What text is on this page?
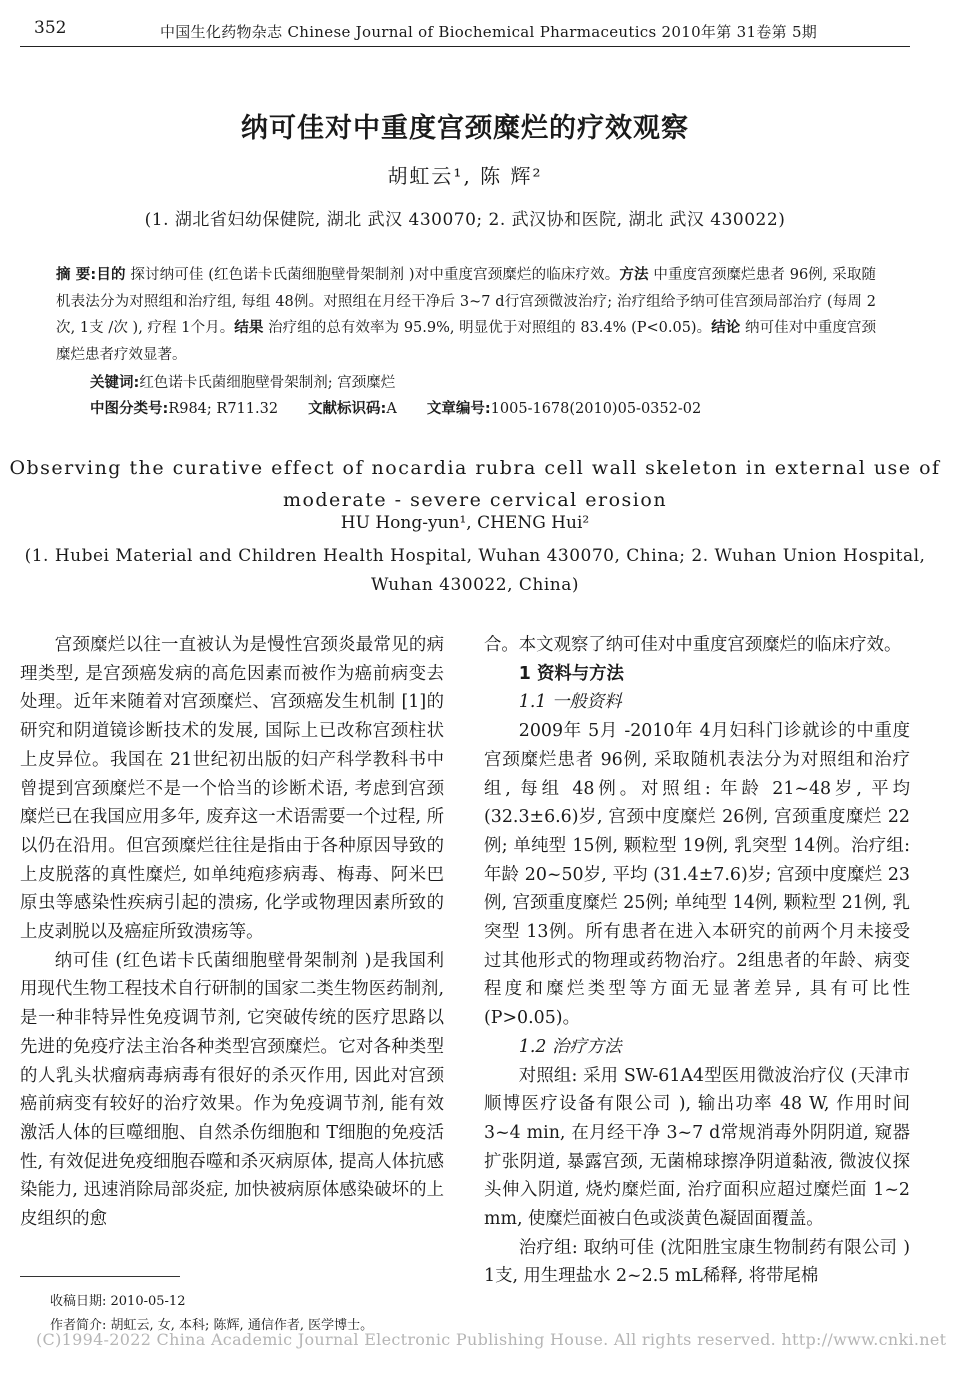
352	中国生化药物杂志 Chinese Journal of Biochemical Pharmaceutics 2010年第 31卷第 5期
纳可佳对中重度宫颈糜烂的疗效观察
胡虹云¹, 陈 辉²
(1. 湖北省妇幼保健院, 湖北 武汉 430070; 2. 武汉协和医院, 湖北 武汉 430022)
摘 要:目的 探讨纳可佳 (红色诺卡氏菌细胞壁骨架制剂 )对中重度宫颈糜烂的临床疗效。方法 中重度宫颈糜烂患者 96例, 采取随机表法分为对照组和治疗组, 每组 48例。对照组在月经干净后 3~7 d行宫颈微波治疗; 治疗组给予纳可佳宫颈局部治疗 (每周 2次, 1支 /次 ), 疗程 1个月。结果 治疗组的总有效率为 95.9%, 明显优于对照组的 83.4% (P<0.05)。结论 纳可佳对中重度宫颈糜烂患者疗效显著。
关键词:红色诺卡氏菌细胞壁骨架制剂; 宫颈糜烂
中图分类号:R984; R711.32 文献标识码:A 文章编号:1005-1678(2010)05-0352-02
Observing the curative effect of nocardia rubra cell wall skeleton in external use of moderate - severe cervical erosion
HU Hong-yun¹, CHENG Hui²
(1. Hubei Material and Children Health Hospital, Wuhan 430070, China; 2. Wuhan Union Hospital, Wuhan 430022, China)

宫颈糜烂以往一直被认为是慢性宫颈炎最常见的病理类型, 是宫颈癌发病的高危因素而被作为癌前病变去处理。近年来随着对宫颈糜烂、宫颈癌发生机制 [1]的研究和阴道镜诊断技术的发展, 国际上已改称宫颈柱状上皮异位。我国在 21世纪初出版的妇产科学教科书中曾提到宫颈糜烂不是一个恰当的诊断术语, 考虑到宫颈糜烂已在我国应用多年, 废弃这一术语需要一个过程, 所以仍在沿用。但宫颈糜烂往往是指由于各种原因导致的上皮脱落的真性糜烂, 如单纯疱疹病毒、梅毒、阿米巴原虫等感染性疾病引起的溃疡, 化学或物理因素所致的上皮剥脱以及癌症所致溃疡等。

纳可佳 (红色诺卡氏菌细胞壁骨架制剂 )是我国利用现代生物工程技术自行研制的国家二类生物医药制剂, 是一种非特异性免疫调节剂, 它突破传统的医疗思路以先进的免疫疗法主治各种类型宫颈糜烂。它对各种类型的人乳头状瘤病毒病毒有很好的杀灭作用, 因此对宫颈癌前病变有较好的治疗效果。作为免疫调节剂, 能有效激活人体的巨噬细胞、自然杀伤细胞和 T细胞的免疫活性, 有效促进免疫细胞吞噬和杀灭病原体, 提高人体抗感染能力, 迅速消除局部炎症, 加快被病原体感染破坏的上皮组织的愈

合。本文观察了纳可佳对中重度宫颈糜烂的临床疗效。

1 资料与方法

1.1 一般资料

2009年 5月 -2010年 4月妇科门诊就诊的中重度宫颈糜烂患者 96例, 采取随机表法分为对照组和治疗组, 每组 48例。对照组: 年龄 21~48岁, 平均 (32.3±6.6)岁, 宫颈中度糜烂 26例, 宫颈重度糜烂 22例; 单纯型 15例, 颗粒型 19例, 乳突型 14例。治疗组: 年龄 20~50岁, 平均 (31.4±7.6)岁; 宫颈中度糜烂 23例, 宫颈重度糜烂 25例; 单纯型 14例, 颗粒型 21例, 乳突型 13例。所有患者在进入本研究的前两个月未接受过其他形式的物理或药物治疗。2组患者的年龄、病变程度和糜烂类型等方面无显著差异, 具有可比性 (P>0.05)。

1.2 治疗方法

对照组: 采用 SW-61A4型医用微波治疗仪 (天津市顺博医疗设备有限公司 ), 输出功率 48 W, 作用时间 3~4 min, 在月经干净 3~7 d常规消毒外阴阴道, 窥器扩张阴道, 暴露宫颈, 无菌棉球擦净阴道黏液, 微波仪探头伸入阴道, 烧灼糜烂面, 治疗面积应超过糜烂面 1~2 mm, 使糜烂面被白色或淡黄色凝固面覆盖。

治疗组: 取纳可佳 (沈阳胜宝康生物制药有限公司 ) 1支, 用生理盐水 2~2.5 mL稀释, 将带尾棉

收稿日期: 2010-05-12
作者简介: 胡虹云, 女, 本科; 陈辉, 通信作者, 医学博士。
(C)1994-2022 China Academic Journal Electronic Publishing House. All rights reserved. http://www.cnki.net
